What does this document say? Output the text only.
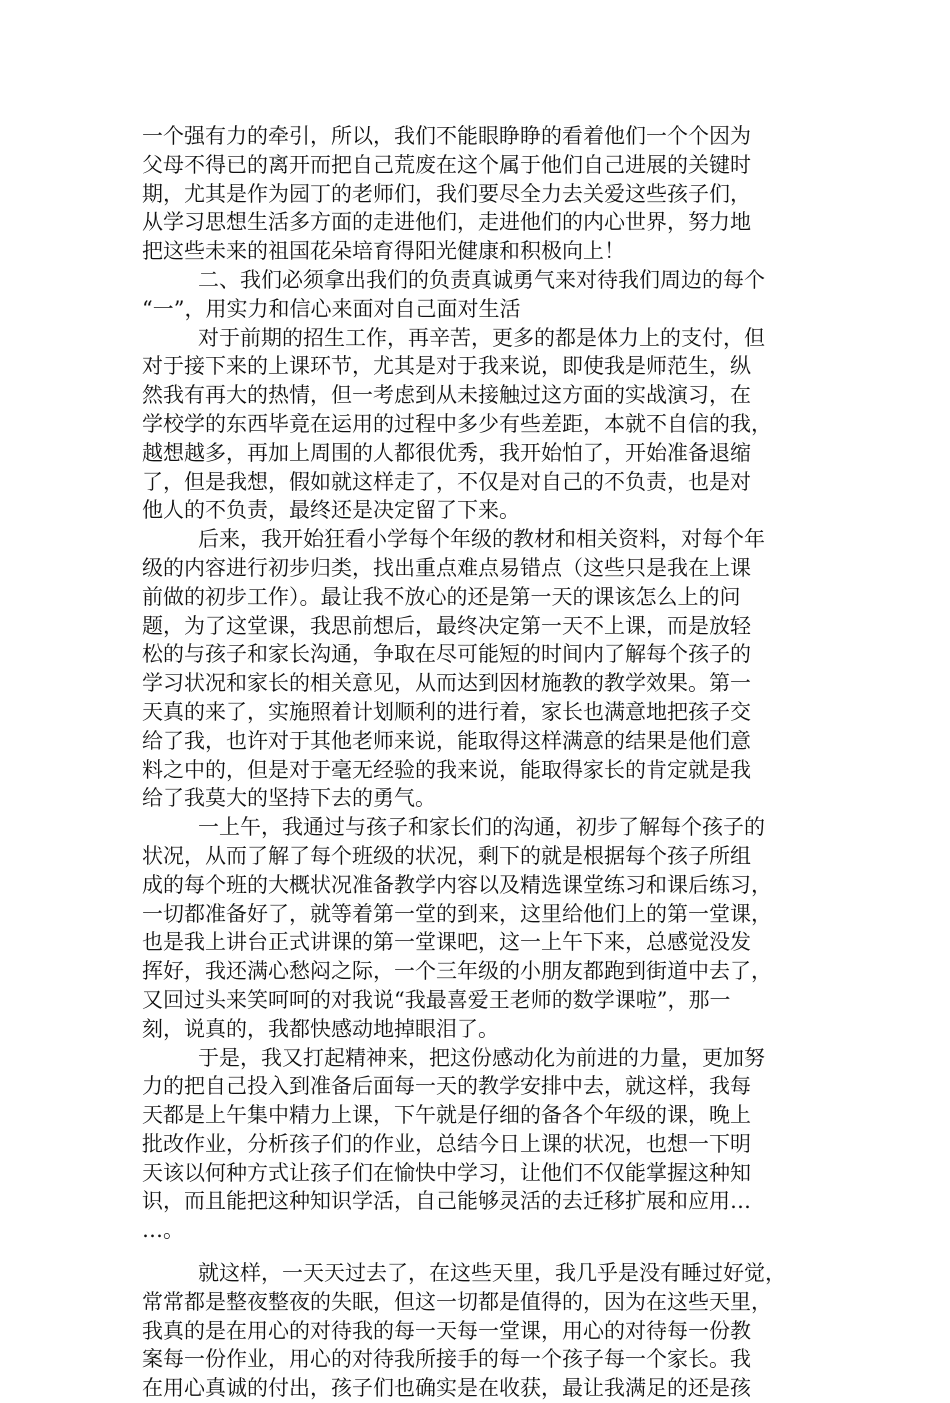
一个强有力的牵引，所以，我们不能眼睁睁的看着他们一个个因为
父母不得已的离开而把自己荒废在这个属于他们自己进展的关键时
期，尤其是作为园丁的老师们，我们要尽全力去关爱这些孩子们，
从学习思想生活多方面的走进他们，走进他们的内心世界，努力地
把这些未来的祖国花朵培育得阳光健康和积极向上！
二、我们必须拿出我们的负责真诚勇气来对待我们周边的每个
“一”，用实力和信心来面对自己面对生活
对于前期的招生工作，再辛苦，更多的都是体力上的支付，但
对于接下来的上课环节，尤其是对于我来说，即使我是师范生，纵
然我有再大的热情，但一考虑到从未接触过这方面的实战演习，在
学校学的东西毕竟在运用的过程中多少有些差距，本就不自信的我，
越想越多，再加上周围的人都很优秀，我开始怕了，开始准备退缩
了，但是我想，假如就这样走了，不仅是对自己的不负责，也是对
他人的不负责，最终还是决定留了下来。
后来，我开始狂看小学每个年级的教材和相关资料，对每个年
级的内容进行初步归类，找出重点难点易错点（这些只是我在上课
前做的初步工作）。最让我不放心的还是第一天的课该怎么上的问
题，为了这堂课，我思前想后，最终决定第一天不上课，而是放轻
松的与孩子和家长沟通，争取在尽可能短的时间内了解每个孩子的
学习状况和家长的相关意见，从而达到因材施教的教学效果。第一
天真的来了，实施照着计划顺利的进行着，家长也满意地把孩子交
给了我，也许对于其他老师来说，能取得这样满意的结果是他们意
料之中的，但是对于毫无经验的我来说，能取得家长的肯定就是我
给了我莫大的坚持下去的勇气。
一上午，我通过与孩子和家长们的沟通，初步了解每个孩子的
状况，从而了解了每个班级的状况，剩下的就是根据每个孩子所组
成的每个班的大概状况准备教学内容以及精选课堂练习和课后练习，
一切都准备好了，就等着第一堂的到来，这里给他们上的第一堂课，
也是我上讲台正式讲课的第一堂课吧，这一上午下来，总感觉没发
挥好，我还满心愁闷之际，一个三年级的小朋友都跑到街道中去了，
又回过头来笑呵呵的对我说“我最喜爱王老师的数学课啦”，那一
刻，说真的，我都快感动地掉眼泪了。
于是，我又打起精神来，把这份感动化为前进的力量，更加努
力的把自己投入到准备后面每一天的教学安排中去，就这样，我每
天都是上午集中精力上课，下午就是仔细的备各个年级的课，晚上
批改作业，分析孩子们的作业，总结今日上课的状况，也想一下明
天该以何种方式让孩子们在愉快中学习，让他们不仅能掌握这种知
识，而且能把这种知识学活，自己能够灵活的去迁移扩展和应用…
…。
就这样，一天天过去了，在这些天里，我几乎是没有睡过好觉，
常常都是整夜整夜的失眠，但这一切都是值得的，因为在这些天里，
我真的是在用心的对待我的每一天每一堂课，用心的对待每一份教
案每一份作业，用心的对待我所接手的每一个孩子每一个家长。我
在用心真诚的付出，孩子们也确实是在收获，最让我满足的还是孩
